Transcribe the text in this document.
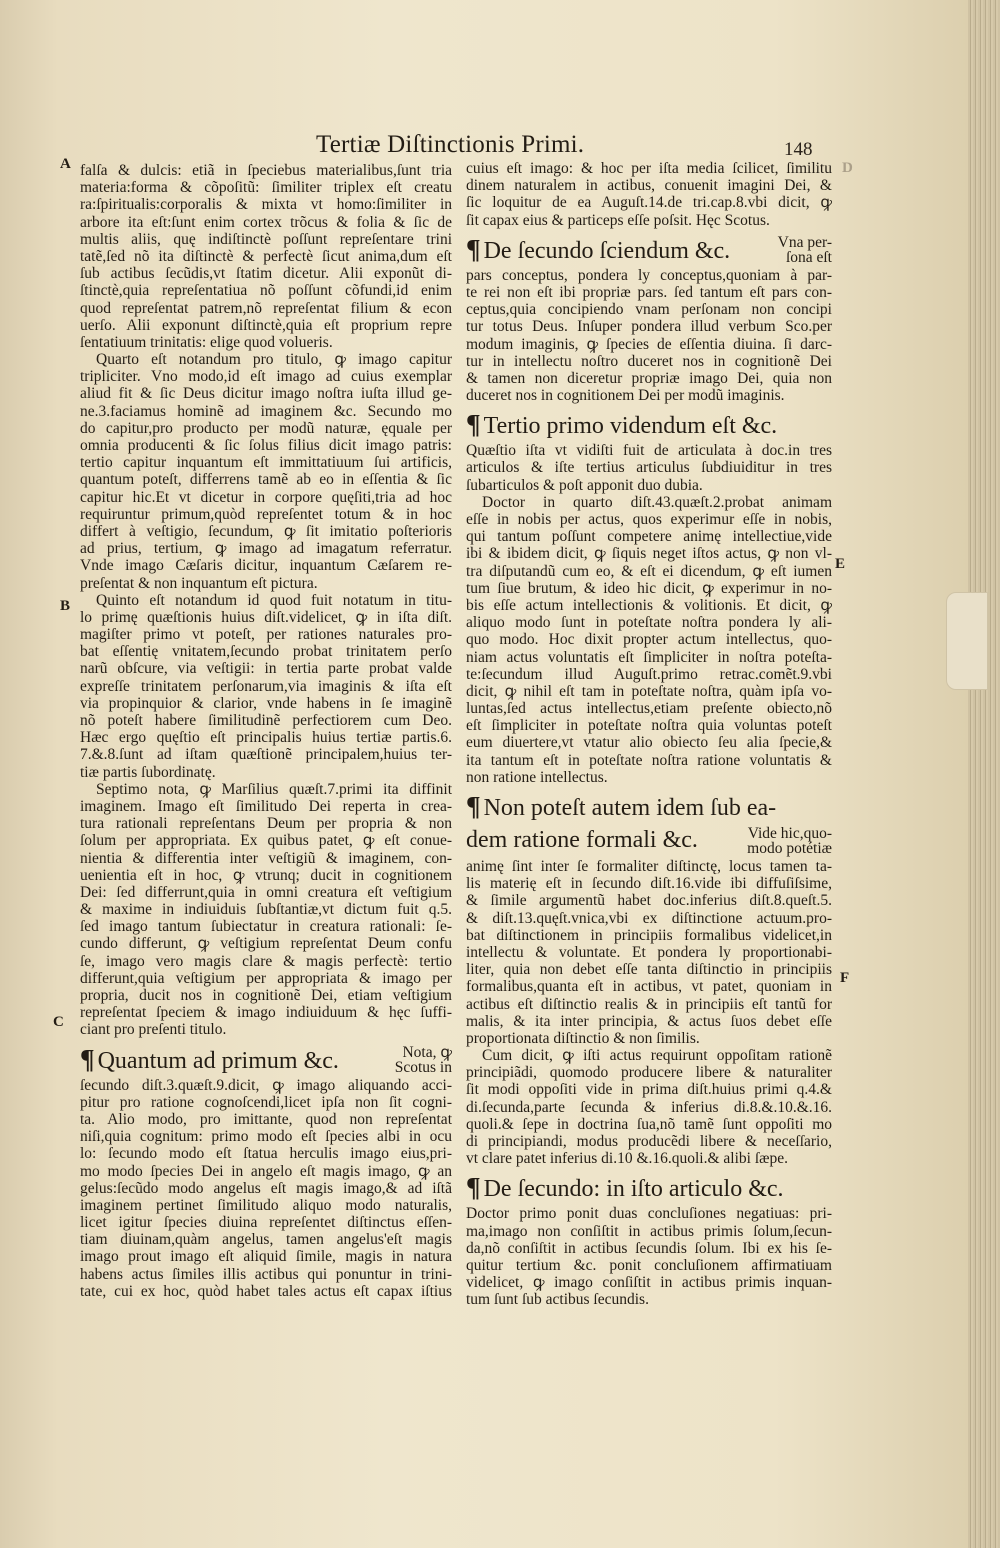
Tertiæ Diſtinctionis Primi.	148
A
B
C
D
E
F
falſa & dulcis: etiã in ſpeciebus materialibus,ſunt tria
materia:forma & cõpoſitũ: ſimiliter triplex eſt creatu
ra:ſpiritualis:corporalis & mixta vt homo:ſimiliter in
arbore ita eſt:ſunt enim cortex trõcus & folia & ſic de
multis aliis, quę indiſtinctè poſſunt repreſentare trini
tatẽ,ſed nõ ita diſtinctè & perfectè ſicut anima,dum eſt
ſub actibus ſecũdis,vt ſtatim dicetur. Alii exponũt di-
ſtinctè,quia repreſentatiua nõ poſſunt cõfundi,id enim
quod repreſentat patrem,nõ repreſentat filium & econ
uerſo. Alii exponunt diſtinctè,quia eſt proprium repre
ſentatiuum trinitatis: elige quod volueris.
Quarto eſt notandum pro titulo, ꝙ imago capitur
tripliciter. Vno modo,id eſt imago ad cuius exemplar
aliud fit & ſic Deus dicitur imago noſtra iuſta illud ge-
ne.3.faciamus hominẽ ad imaginem &c. Secundo mo
do capitur,pro producto per modũ naturæ, ęquale per
omnia producenti & ſic ſolus filius dicit imago patris:
tertio capitur inquantum eſt immittatiuum ſui artificis,
quantum poteſt, differrens tamẽ ab eo in eſſentia & ſic
capitur hic.Et vt dicetur in corpore quęſiti,tria ad hoc
requiruntur primum,quòd repreſentet totum & in hoc
differt à veſtigio, ſecundum, ꝙ ſit imitatio poſterioris
ad prius, tertium, ꝙ imago ad imagatum referratur.
Vnde imago Cæſaris dicitur, inquantum Cæſarem re-
preſentat & non inquantum eſt pictura.
Quinto eſt notandum id quod fuit notatum in titu-
lo primę quæſtionis huius diſt.videlicet, ꝙ in iſta diſt.
magiſter primo vt poteſt, per rationes naturales pro-
bat eſſentię vnitatem,ſecundo probat trinitatem perſo
narũ obſcure, via veſtigii: in tertia parte probat valde
expreſſe trinitatem perſonarum,via imaginis & iſta eſt
via propinquior & clarior, vnde habens in ſe imaginẽ
nõ poteſt habere ſimilitudinẽ perfectiorem cum Deo.
Hæc ergo quęſtio eſt principalis huius tertiæ partis.6.
7.&.8.ſunt ad iſtam quæſtionẽ principalem,huius ter-
tiæ partis ſubordinatę.
Septimo nota, ꝙ Marſilius quæſt.7.primi ita diffinit
imaginem. Imago eſt ſimilitudo Dei reperta in crea-
tura rationali repreſentans Deum per propria & non
ſolum per appropriata. Ex quibus patet, ꝙ eſt conue-
nientia & differentia inter veſtigiũ & imaginem, con-
uenientia eſt in hoc, ꝙ vtrunq; ducit in cognitionem
Dei: ſed differrunt,quia in omni creatura eſt veſtigium
& maxime in indiuiduis ſubſtantiæ,vt dictum fuit q.5.
ſed imago tantum ſubiectatur in creatura rationali: ſe-
cundo differunt, ꝙ veſtigium repreſentat Deum confu
ſe, imago vero magis clare & magis perfectè: tertio
differunt,quia veſtigium per appropriata & imago per
propria, ducit nos in cognitionẽ Dei, etiam veſtigium
repreſentat ſpeciem & imago indiuiduum & hęc ſuffi-
ciant pro preſenti titulo.
¶ Quantum ad primum &c.	Nota, ꝙ
Scotus in
ſecundo diſt.3.quæſt.9.dicit, ꝙ imago aliquando acci-
pitur pro ratione cognoſcendi,licet ipſa non ſit cogni-
ta. Alio modo, pro imittante, quod non repreſentat
niſi,quia cognitum: primo modo eſt ſpecies albi in ocu
lo: ſecundo modo eſt ſtatua herculis imago eius,pri-
mo modo ſpecies Dei in angelo eſt magis imago, ꝙ an
gelus:ſecũdo modo angelus eſt magis imago,& ad iſtã
imaginem pertinet ſimilitudo aliquo modo naturalis,
licet igitur ſpecies diuina repreſentet diſtinctus eſſen-
tiam diuinam,quàm angelus, tamen angelus'eſt magis
imago prout imago eſt aliquid ſimile, magis in natura
habens actus ſimiles illis actibus qui ponuntur in trini-
tate, cui ex hoc, quòd habet tales actus eſt capax iſtius
cuius eſt imago: & hoc per iſta media ſcilicet, ſimilitu
dinem naturalem in actibus, conuenit imagini Dei, &
ſic loquitur de ea Auguſt.14.de tri.cap.8.vbi dicit, ꝙ
ſit capax eius & particeps eſſe poſsit. Hęc Scotus.
¶ De ſecundo ſciendum &c.	Vna per-
ſona eſt
pars conceptus, pondera ly conceptus,quoniam à par-
te rei non eſt ibi propriæ pars. ſed tantum eſt pars con-
ceptus,quia concipiendo vnam perſonam non concipi
tur totus Deus. Inſuper pondera illud verbum Sco.per
modum imaginis, ꝙ ſpecies de eſſentia diuina. ſi darc-
tur in intellectu noſtro duceret nos in cognitionẽ Dei
& tamen non diceretur propriæ imago Dei, quia non
duceret nos in cognitionem Dei per modũ imaginis.
¶ Tertio primo videndum eſt &c.
Quæſtio iſta vt vidiſti fuit de articulata à doc.in tres
articulos & iſte tertius articulus ſubdiuiditur in tres
ſubarticulos & poſt apponit duo dubia.
Doctor in quarto diſt.43.quæſt.2.probat animam
eſſe in nobis per actus, quos experimur eſſe in nobis,
qui tantum poſſunt competere animę intellectiue,vide
ibi & ibidem dicit, ꝙ ſiquis neget iſtos actus, ꝙ non vl-
tra diſputandũ cum eo, & eſt ei dicendum, ꝙ eſt iumen
tum ſiue brutum, & ideo hic dicit, ꝙ experimur in no-
bis eſſe actum intellectionis & volitionis. Et dicit, ꝙ
aliquo modo ſunt in poteſtate noſtra pondera ly ali-
quo modo. Hoc dixit propter actum intellectus, quo-
niam actus voluntatis eſt ſimpliciter in noſtra poteſta-
te:ſecundum illud Auguſt.primo retrac.comẽt.9.vbi
dicit, ꝙ nihil eſt tam in poteſtate noſtra, quàm ipſa vo-
luntas,ſed actus intellectus,etiam preſente obiecto,nõ
eſt ſimpliciter in poteſtate noſtra quia voluntas poteſt
eum diuertere,vt vtatur alio obiecto ſeu alia ſpecie,&
ita tantum eſt in poteſtate noſtra ratione voluntatis &
non ratione intellectus.
¶ Non poteſt autem idem ſub ea-
dem ratione formali &c.	Vide hic,quo-
modo potétiæ
animę ſint inter ſe formaliter diſtinctę, locus tamen ta-
lis materię eſt in ſecundo diſt.16.vide ibi diffuſiſsime,
& ſimile argumentũ habet doc.inferius diſt.8.queſt.5.
& diſt.13.quęſt.vnica,vbi ex diſtinctione actuum.pro-
bat diſtinctionem in principiis formalibus videlicet,in
intellectu & voluntate. Et pondera ly proportionabi-
liter, quia non debet eſſe tanta diſtinctio in principiis
formalibus,quanta eſt in actibus, vt patet, quoniam in
actibus eſt diſtinctio realis & in principiis eſt tantũ for
malis, & ita inter principia, & actus ſuos debet eſſe
proportionata diſtinctio & non ſimilis.
Cum dicit, ꝙ iſti actus requirunt oppoſitam rationẽ
principiãdi, quomodo producere libere & naturaliter
ſit modi oppoſiti vide in prima diſt.huius primi q.4.&
di.ſecunda,parte ſecunda & inferius di.8.&.10.&.16.
quoli.& ſepe in doctrina ſua,nõ tamẽ ſunt oppoſiti mo
di principiandi, modus producẽdi libere & neceſſario,
vt clare patet inferius di.10 &.16.quoli.& alibi ſæpe.
¶ De ſecundo: in iſto articulo &c.
Doctor primo ponit duas concluſiones negatiuas: pri-
ma,imago non conſiſtit in actibus primis ſolum,ſecun-
da,nõ conſiſtit in actibus ſecundis ſolum. Ibi ex his ſe-
quitur tertium &c. ponit concluſionem affirmatiuam
videlicet, ꝙ imago conſiſtit in actibus primis inquan-
tum ſunt ſub actibus ſecundis.
